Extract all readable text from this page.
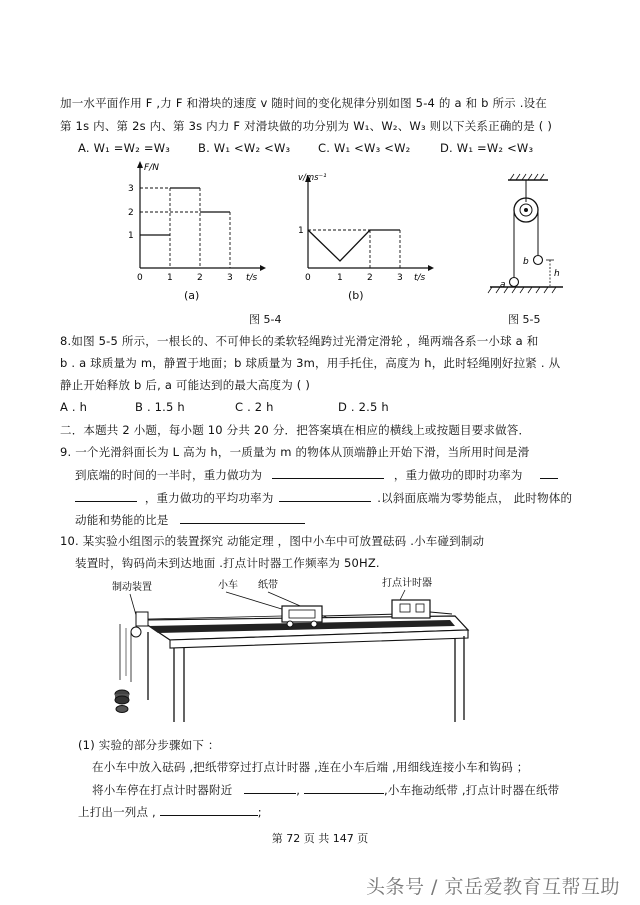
加一水平面作用 F ,力 F 和滑块的速度 v 随时间的变化规律分别如图 5-4 的 a 和 b 所示 .设在
第 1s 内、第 2s 内、第 3s 内力 F 对滑块做的功分别为 W₁、W₂、W₃ 则以下关系正确的是 ( )
A. W₁ =W₂ =W₃ B. W₁ <W₂ <W₃ C. W₁ <W₃ <W₂	D. W₁ =W₂ <W₃
F/N
3
2
1
0	1	2	3 t/s
(a)
v/ms⁻¹
1
0	1	2	3 t/s
(b)
b
h
a
图 5-4	图 5-5
8.如图 5-5 所示，一根长的、不可伸长的柔软轻绳跨过光滑定滑轮 ，绳两端各系一小球 a 和
b . a 球质量为 m，静置于地面；b 球质量为 3m，用手托住，高度为 h，此时轻绳刚好拉紧 . 从
静止开始释放 b 后, a 可能达到的最大高度为 ( )
A . h	B . 1.5 h	C . 2 h	D . 2.5 h
二．本题共 2 小题，每小题 10 分共 20 分．把答案填在相应的横线上或按题目要求做答．
9. 一个光滑斜面长为 L 高为 h，一质量为 m 的物体从顶端静止开始下滑，当所用时间是滑
到底端的时间的一半时，重力做功为	，重力做功的即时功率为
，重力做功的平均功率为	.以斜面底端为零势能点， 此时物体的
动能和势能的比是
10. 某实验小组图示的装置探究 动能定理 ，图中小车中可放置砝码 .小车碰到制动
装置时，钩码尚未到达地面 .打点计时器工作频率为 50HZ.
制动装置	小车 纸带	打点计时器
(1) 实验的部分步骤如下 ：
在小车中放入砝码 ,把纸带穿过打点计时器 ,连在小车后端 ,用细线连接小车和钩码 ；
将小车停在打点计时器附近	,	,小车拖动纸带 ,打点计时器在纸带
上打出一列点 ,	;
第 72 页 共 147 页
头条号 / 京岳爱教育互帮互助
